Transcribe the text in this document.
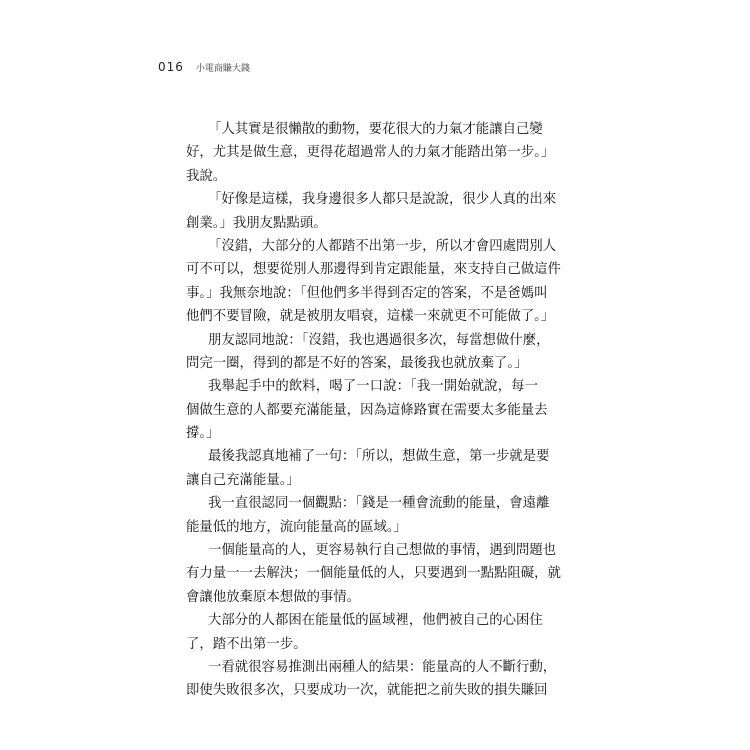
016 小電商賺大錢
「人其實是很懶散的動物，要花很大的力氣才能讓自己變
好，尤其是做生意，更得花超過常人的力氣才能踏出第一步。」
我說。
「好像是這樣，我身邊很多人都只是說說，很少人真的出來
創業。」我朋友點點頭。
「沒錯，大部分的人都踏不出第一步，所以才會四處問別人
可不可以，想要從別人那邊得到肯定跟能量，來支持自己做這件
事。」我無奈地說：「但他們多半得到否定的答案，不是爸媽叫
他們不要冒險，就是被朋友唱衰，這樣一來就更不可能做了。」
朋友認同地說：「沒錯，我也遇過很多次，每當想做什麼，
問完一圈，得到的都是不好的答案，最後我也就放棄了。」
我舉起手中的飲料，喝了一口說：「我一開始就說，每一
個做生意的人都要充滿能量，因為這條路實在需要太多能量去
撐。」
最後我認真地補了一句：「所以，想做生意，第一步就是要
讓自己充滿能量。」
我一直很認同一個觀點：「錢是一種會流動的能量，會遠離
能量低的地方，流向能量高的區域。」
一個能量高的人，更容易執行自己想做的事情，遇到問題也
有力量一一去解決；一個能量低的人，只要遇到一點點阻礙，就
會讓他放棄原本想做的事情。
大部分的人都困在能量低的區域裡，他們被自己的心困住
了，踏不出第一步。
一看就很容易推測出兩種人的結果：能量高的人不斷行動，
即使失敗很多次，只要成功一次，就能把之前失敗的損失賺回
